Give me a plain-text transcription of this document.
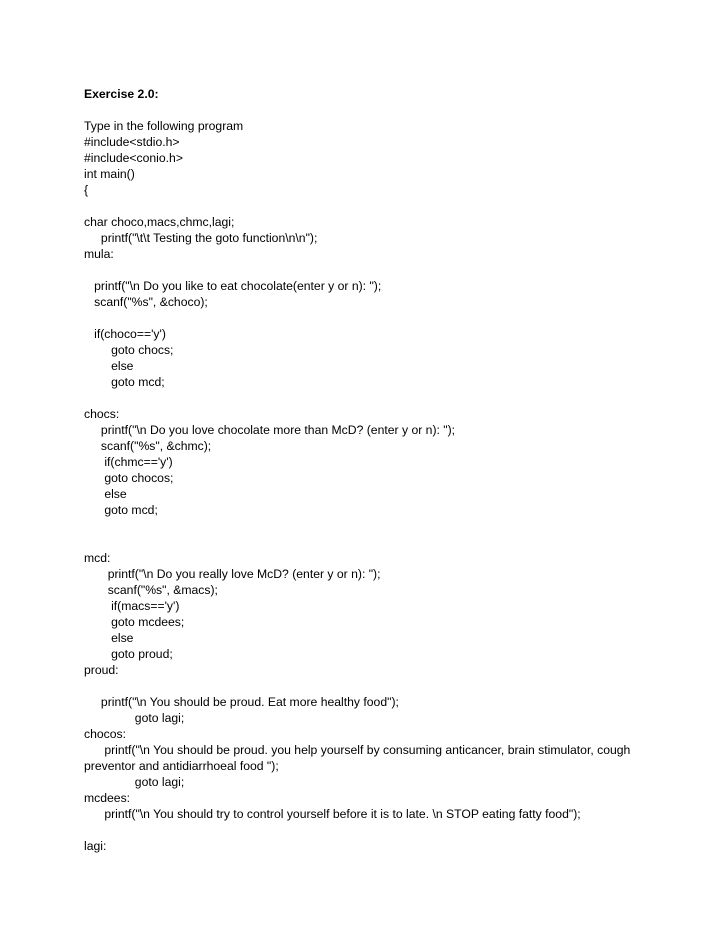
Exercise 2.0:
Type in the following program
#include<stdio.h>
#include<conio.h>
int main()
{
char choco,macs,chmc,lagi;
printf("\t\t Testing the goto function\n\n");
mula:
printf("\n Do you like to eat chocolate(enter y or n): ");
scanf("%s", &choco);
if(choco=='y')
goto chocs;
else
goto mcd;
chocs:
printf("\n Do you love chocolate more than McD? (enter y or n): ");
scanf("%s", &chmc);
if(chmc=='y')
goto chocos;
else
goto mcd;
mcd:
printf("\n Do you really love McD? (enter y or n): ");
scanf("%s", &macs);
if(macs=='y')
goto mcdees;
else
goto proud;
proud:
printf("\n You should be proud. Eat more healthy food");
goto lagi;
chocos:
printf("\n You should be proud. you help yourself by consuming anticancer, brain stimulator, cough
preventor and antidiarrhoeal food ");
goto lagi;
mcdees:
printf("\n You should try to control yourself before it is to late. \n STOP eating fatty food");
lagi:
